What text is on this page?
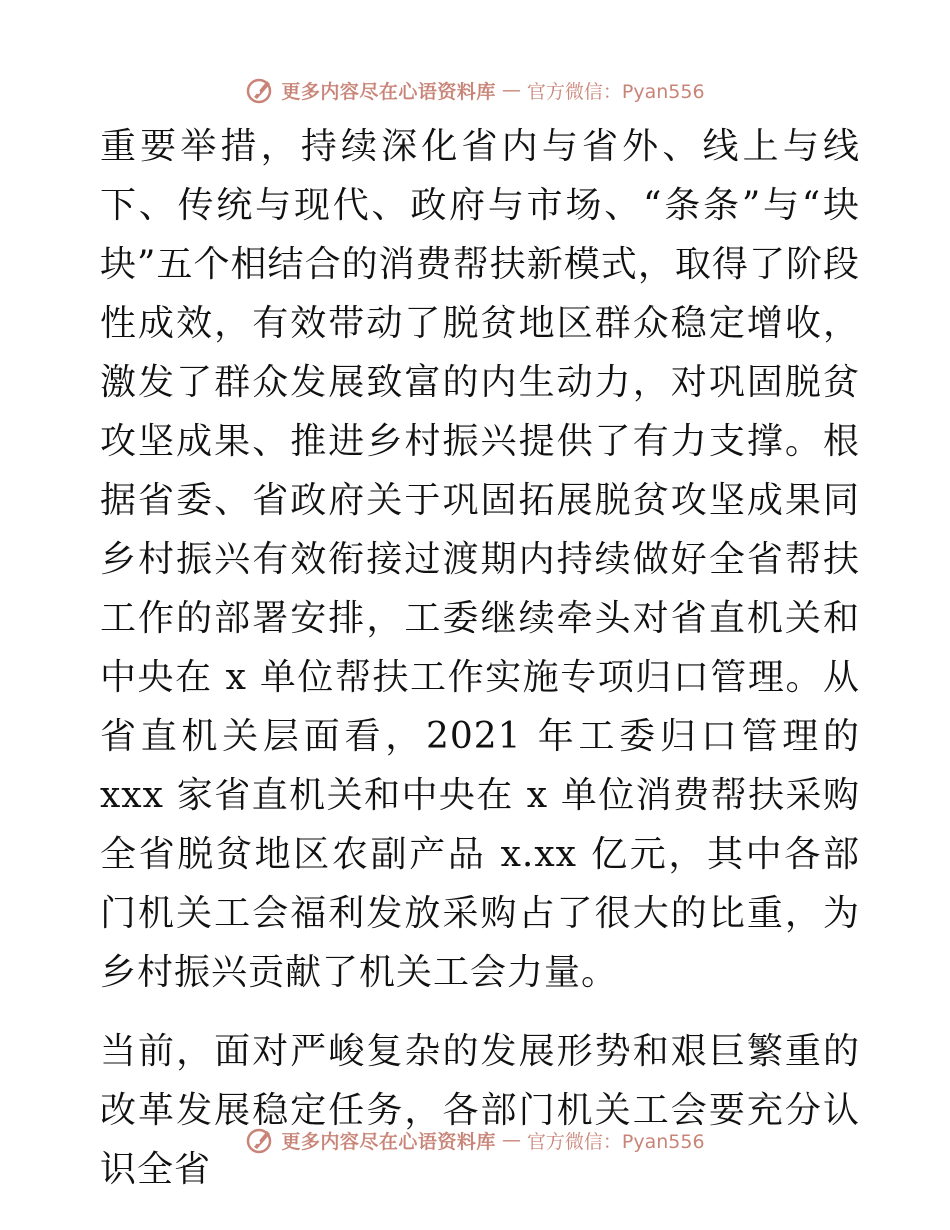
更多内容尽在心语资料库 — 官方微信：Pyan556

重要举措，持续深化省内与省外、线上与线下、传统与现代、政府与市场、“条条”与“块块”五个相结合的消费帮扶新模式，取得了阶段性成效，有效带动了脱贫地区群众稳定增收，激发了群众发展致富的内生动力，对巩固脱贫攻坚成果、推进乡村振兴提供了有力支撑。根据省委、省政府关于巩固拓展脱贫攻坚成果同乡村振兴有效衔接过渡期内持续做好全省帮扶工作的部署安排，工委继续牵头对省直机关和中央在 x 单位帮扶工作实施专项归口管理。从省直机关层面看，2021 年工委归口管理的 xxx 家省直机关和中央在 x 单位消费帮扶采购全省脱贫地区农副产品 x.xx 亿元，其中各部门机关工会福利发放采购占了很大的比重，为乡村振兴贡献了机关工会力量。

当前，面对严峻复杂的发展形势和艰巨繁重的改革发展稳定任务，各部门机关工会要充分认识全省

更多内容尽在心语资料库 — 官方微信：Pyan556
